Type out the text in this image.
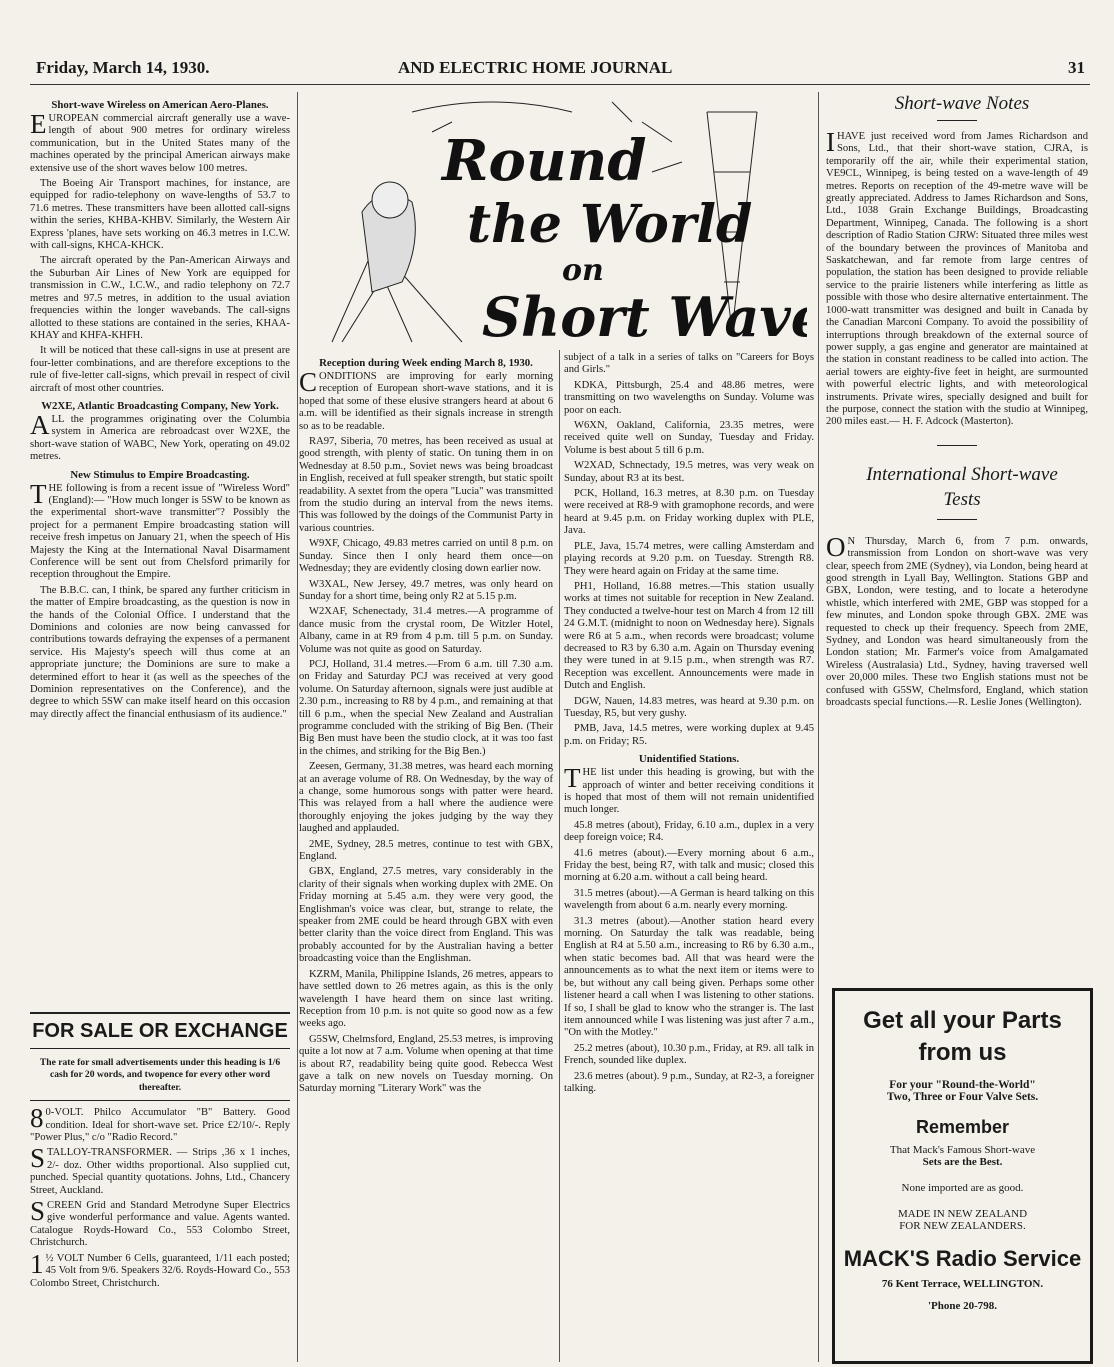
Friday, March 14, 1930.	AND ELECTRIC HOME JOURNAL	31
Short-wave Wireless on American Aero-Planes.

EUROPEAN commercial aircraft generally use a wave-length of about 900 metres for ordinary wireless communication, but in the United States many of the machines operated by the principal American airways make extensive use of the short waves below 100 metres.

The Boeing Air Transport machines, for instance, are equipped for radio-telephony on wave-lengths of 53.7 to 71.6 metres. These transmitters have been allotted call-signs within the series, KHBA-KHBV. Similarly, the Western Air Express 'planes, have sets working on 46.3 metres in I.C.W. with call-signs, KHCA-KHCK.

The aircraft operated by the Pan-American Airways and the Suburban Air Lines of New York are equipped for transmission in C.W., I.C.W., and radio telephony on 72.7 metres and 97.5 metres, in addition to the usual aviation frequencies within the longer wavebands. The call-signs allotted to these stations are contained in the series, KHAA-KHAY and KHFA-KHFH.

It will be noticed that these call-signs in use at present are four-letter combinations, and are therefore exceptions to the rule of five-letter call-signs, which prevail in respect of civil aircraft of most other countries.

W2XE, Atlantic Broadcasting Company, New York.

ALL the programmes originating over the Columbia system in America are rebroadcast over W2XE, the short-wave station of WABC, New York, operating on 49.02 metres.

New Stimulus to Empire Broadcasting.

THE following is from a recent issue of "Wireless Word" (England):— "How much longer is 5SW to be known as the experimental short-wave transmitter"? Possibly the project for a permanent Empire broadcasting station will receive fresh impetus on January 21, when the speech of His Majesty the King at the International Naval Disarmament Conference will be sent out from Chelsford primarily for reception throughout the Empire.

The B.B.C. can, I think, be spared any further criticism in the matter of Empire broadcasting, as the question is now in the hands of the Colonial Office. I understand that the Dominions and colonies are now being canvassed for contributions towards defraying the expenses of a permanent service. His Majesty's speech will thus come at an appropriate juncture; the Dominions are sure to make a determined effort to hear it (as well as the speeches of the Dominion representatives on the Conference), and the degree to which 5SW can make itself heard on this occasion may directly affect the financial enthusiasm of its audience."

FOR SALE OR EXCHANGE

The rate for small advertisements under this heading is 1/6 cash for 20 words, and twopence for every other word thereafter.

80-VOLT. Philco Accumulator "B" Battery. Good condition. Ideal for short-wave set. Price £2/10/-. Reply "Power Plus," c/o "Radio Record."

STALLOY-TRANSFORMER. — Strips ,36 x 1 inches, 2/- doz. Other widths proportional. Also supplied cut, punched. Special quantity quotations. Johns, Ltd., Chancery Street, Auckland.

SCREEN Grid and Standard Metrodyne Super Electrics give wonderful performance and value. Agents wanted. Catalogue Royds-Howard Co., 553 Colombo Street, Christchurch.

1½ VOLT Number 6 Cells, guaranteed, 1/11 each posted; 45 Volt from 9/6. Speakers 32/6. Royds-Howard Co., 553 Colombo Street, Christchurch.

Round
the World
on
Short Wave
Reception during Week ending March 8, 1930.

CONDITIONS are improving for early morning reception of European short-wave stations, and it is hoped that some of these elusive strangers heard at about 6 a.m. will be identified as their signals increase in strength so as to be readable.

RA97, Siberia, 70 metres, has been received as usual at good strength, with plenty of static. On tuning them in on Wednesday at 8.50 p.m., Soviet news was being broadcast in English, received at full speaker strength, but static spoilt readability. A sextet from the opera "Lucia" was transmitted from the studio during an interval from the news items. This was followed by the doings of the Communist Party in various countries.

W9XF, Chicago, 49.83 metres carried on until 8 p.m. on Sunday. Since then I only heard them once—on Wednesday; they are evidently closing down earlier now.

W3XAL, New Jersey, 49.7 metres, was only heard on Sunday for a short time, being only R2 at 5.15 p.m.

W2XAF, Schenectady, 31.4 metres.—A programme of dance music from the crystal room, De Witzler Hotel, Albany, came in at R9 from 4 p.m. till 5 p.m. on Sunday. Volume was not quite as good on Saturday.

PCJ, Holland, 31.4 metres.—From 6 a.m. till 7.30 a.m. on Friday and Saturday PCJ was received at very good volume. On Saturday afternoon, signals were just audible at 2.30 p.m., increasing to R8 by 4 p.m., and remaining at that till 6 p.m., when the special New Zealand and Australian programme concluded with the striking of Big Ben. (Their Big Ben must have been the studio clock, at it was too fast in the chimes, and striking for the Big Ben.)

Zeesen, Germany, 31.38 metres, was heard each morning at an average volume of R8. On Wednesday, by the way of a change, some humorous songs with patter were heard. This was relayed from a hall where the audience were thoroughly enjoying the jokes judging by the way they laughed and applauded.

2ME, Sydney, 28.5 metres, continue to test with GBX, England.

GBX, England, 27.5 metres, vary considerably in the clarity of their signals when working duplex with 2ME. On Friday morning at 5.45 a.m. they were very good, the Englishman's voice was clear, but, strange to relate, the speaker from 2ME could be heard through GBX with even better clarity than the voice direct from England. This was probably accounted for by the Australian having a better broadcasting voice than the Englishman.

KZRM, Manila, Philippine Islands, 26 metres, appears to have settled down to 26 metres again, as this is the only wavelength I have heard them on since last writing. Reception from 10 p.m. is not quite so good now as a few weeks ago.

G5SW, Chelmsford, England, 25.53 metres, is improving quite a lot now at 7 a.m. Volume when opening at that time is about R7, readability being quite good. Rebecca West gave a talk on new novels on Tuesday morning. On Saturday morning "Literary Work" was the

subject of a talk in a series of talks on "Careers for Boys and Girls."

KDKA, Pittsburgh, 25.4 and 48.86 metres, were transmitting on two wavelengths on Sunday. Volume was poor on each.

W6XN, Oakland, California, 23.35 metres, were received quite well on Sunday, Tuesday and Friday. Volume is best about 5 till 6 p.m.

W2XAD, Schnectady, 19.5 metres, was very weak on Sunday, about R3 at its best.

PCK, Holland, 16.3 metres, at 8.30 p.m. on Tuesday were received at R8-9 with gramophone records, and were heard at 9.45 p.m. on Friday working duplex with PLE, Java.

PLE, Java, 15.74 metres, were calling Amsterdam and playing records at 9.20 p.m. on Tuesday. Strength R8. They were heard again on Friday at the same time.

PH1, Holland, 16.88 metres.—This station usually works at times not suitable for reception in New Zealand. They conducted a twelve-hour test on March 4 from 12 till 24 G.M.T. (midnight to noon on Wednesday here). Signals were R6 at 5 a.m., when records were broadcast; volume decreased to R3 by 6.30 a.m. Again on Thursday evening they were tuned in at 9.15 p.m., when strength was R7. Reception was excellent. Announcements were made in Dutch and English.

DGW, Nauen, 14.83 metres, was heard at 9.30 p.m. on Tuesday, R5, but very gushy.

PMB, Java, 14.5 metres, were working duplex at 9.45 p.m. on Friday; R5.

Unidentified Stations.

THE list under this heading is growing, but with the approach of winter and better receiving conditions it is hoped that most of them will not remain unidentified much longer.

45.8 metres (about), Friday, 6.10 a.m., duplex in a very deep foreign voice; R4.

41.6 metres (about).—Every morning about 6 a.m., Friday the best, being R7, with talk and music; closed this morning at 6.20 a.m. without a call being heard.

31.5 metres (about).—A German is heard talking on this wavelength from about 6 a.m. nearly every morning.

31.3 metres (about).—Another station heard every morning. On Saturday the talk was readable, being English at R4 at 5.50 a.m., increasing to R6 by 6.30 a.m., when static becomes bad. All that was heard were the announcements as to what the next item or items were to be, but without any call being given. Perhaps some other listener heard a call when I was listening to other stations. If so, I shall be glad to know who the stranger is. The last item announced while I was listening was just after 7 a.m., "On with the Motley."

25.2 metres (about), 10.30 p.m., Friday, at R9. all talk in French, sounded like duplex.

23.6 metres (about). 9 p.m., Sunday, at R2-3, a foreigner talking.

Short-wave Notes

IHAVE just received word from James Richardson and Sons, Ltd., that their short-wave station, CJRA, is temporarily off the air, while their experimental station, VE9CL, Winnipeg, is being tested on a wave-length of 49 metres. Reports on reception of the 49-metre wave will be greatly appreciated. Address to James Richardson and Sons, Ltd., 1038 Grain Exchange Buildings, Broadcasting Department, Winnipeg, Canada. The following is a short description of Radio Station CJRW: Situated three miles west of the boundary between the provinces of Manitoba and Saskatchewan, and far remote from large centres of population, the station has been designed to provide reliable service to the prairie listeners while interfering as little as possible with those who desire alternative entertainment. The 1000-watt transmitter was designed and built in Canada by the Canadian Marconi Company. To avoid the possibility of interruptions through breakdown of the external source of power supply, a gas engine and generator are maintained at the station in constant readiness to be called into action. The aerial towers are eighty-five feet in height, are surmounted with powerful electric lights, and with meteorological instruments. Private wires, specially designed and built for the purpose, connect the station with the studio at Winnipeg, 200 miles east.— H. F. Adcock (Masterton).

International Short-wave

Tests

ON Thursday, March 6, from 7 p.m. onwards, transmission from London on short-wave was very clear, speech from 2ME (Sydney), via London, being heard at good strength in Lyall Bay, Wellington. Stations GBP and GBX, London, were testing, and to locate a heterodyne whistle, which interfered with 2ME, GBP was stopped for a few minutes, and London spoke through GBX. 2ME was requested to check up their frequency. Speech from 2ME, Sydney, and London was heard simultaneously from the London station; Mr. Farmer's voice from Amalgamated Wireless (Australasia) Ltd., Sydney, having traversed well over 20,000 miles. These two English stations must not be confused with G5SW, Chelmsford, England, which station broadcasts special functions.—R. Leslie Jones (Wellington).

Get all your Parts

from us

For your "Round-the-World"

Two, Three or Four Valve Sets.

Remember

That Mack's Famous Short-wave

Sets are the Best.

None imported are as good.

MADE IN NEW ZEALAND

FOR NEW ZEALANDERS.

MACK'S Radio Service

76 Kent Terrace, WELLINGTON.

'Phone 20-798.
